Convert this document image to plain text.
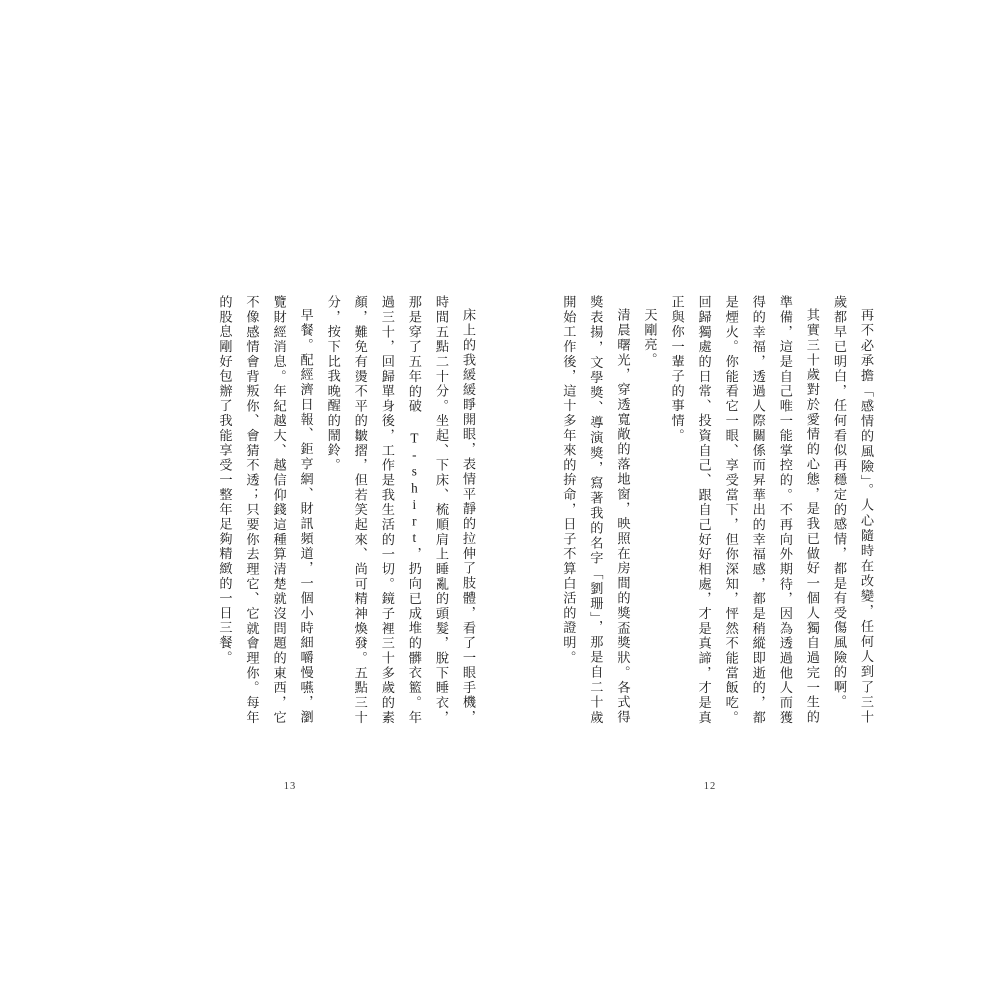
床上的我緩緩睜開眼，表情平靜的拉伸了肢體，看了一眼手機，時間五點二十分。坐起、下床、梳順肩上睡亂的頭髮，脫下睡衣，那是穿了五年的破 T-shirt，扔向已成堆的髒衣籃。年過三十，回歸單身後，工作是我生活的一切。鏡子裡三十多歲的素顏，難免有燙不平的皺摺，但若笑起來、尚可精神煥發。五點三十分，按下比我晚醒的鬧鈴。

早餐。配經濟日報、鉅亨網、財訊頻道，一個小時細嚼慢嚥，瀏覽財經消息。年紀越大、越信仰錢這種算清楚就沒問題的東西，它不像感情會背叛你、會猜不透；只要你去理它、它就會理你。每年的股息剛好包辦了我能享受一整年足夠精緻的一日三餐。

13

再不必承擔「感情的風險」。人心隨時在改變，任何人到了三十歲都早已明白，任何看似再穩定的感情，都是有受傷風險的啊。

其實三十歲對於愛情的心態，是我已做好一個人獨自過完一生的準備，這是自己唯一能掌控的。不再向外期待，因為透過他人而獲得的幸福，透過人際關係而昇華出的幸福感，都是稍縱即逝的，都是煙火。你能看它一眼、享受當下，但你深知，怦然不能當飯吃。回歸獨處的日常、投資自己、跟自己好好相處，才是真諦，才是真正與你一輩子的事情。

天剛亮。

清晨曙光，穿透寬敞的落地窗，映照在房間的獎盃獎狀。各式得獎表揚，文學獎、導演獎，寫著我的名字「劉珊」，那是自二十歲開始工作後，這十多年來的拚命，日子不算白活的證明。

12
